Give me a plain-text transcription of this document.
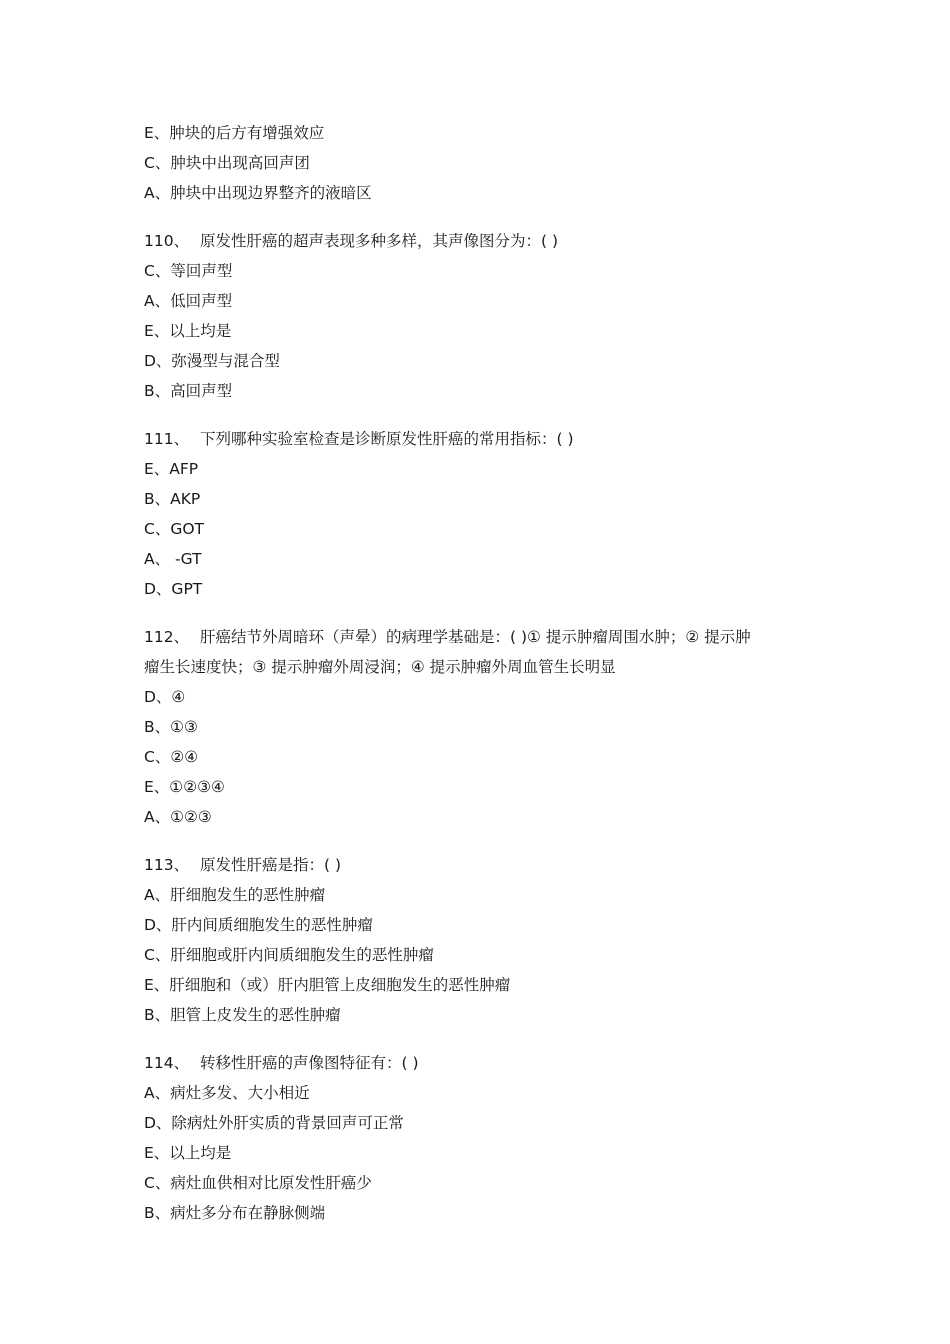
E、肿块的后方有增强效应
C、肿块中出现高回声团
A、肿块中出现边界整齐的液暗区
110、 原发性肝癌的超声表现多种多样，其声像图分为：( )
C、等回声型
A、低回声型
E、以上均是
D、弥漫型与混合型
B、高回声型
111、 下列哪种实验室检查是诊断原发性肝癌的常用指标：( )
E、AFP
B、AKP
C、GOT
A、 -GT
D、GPT
112、 肝癌结节外周暗环（声晕）的病理学基础是：( )① 提示肿瘤周围水肿；② 提示肿
瘤生长速度快；③ 提示肿瘤外周浸润；④ 提示肿瘤外周血管生长明显
D、④
B、①③
C、②④
E、①②③④
A、①②③
113、 原发性肝癌是指：( )
A、肝细胞发生的恶性肿瘤
D、肝内间质细胞发生的恶性肿瘤
C、肝细胞或肝内间质细胞发生的恶性肿瘤
E、肝细胞和（或）肝内胆管上皮细胞发生的恶性肿瘤
B、胆管上皮发生的恶性肿瘤
114、 转移性肝癌的声像图特征有：( )
A、病灶多发、大小相近
D、除病灶外肝实质的背景回声可正常
E、以上均是
C、病灶血供相对比原发性肝癌少
B、病灶多分布在静脉侧端
